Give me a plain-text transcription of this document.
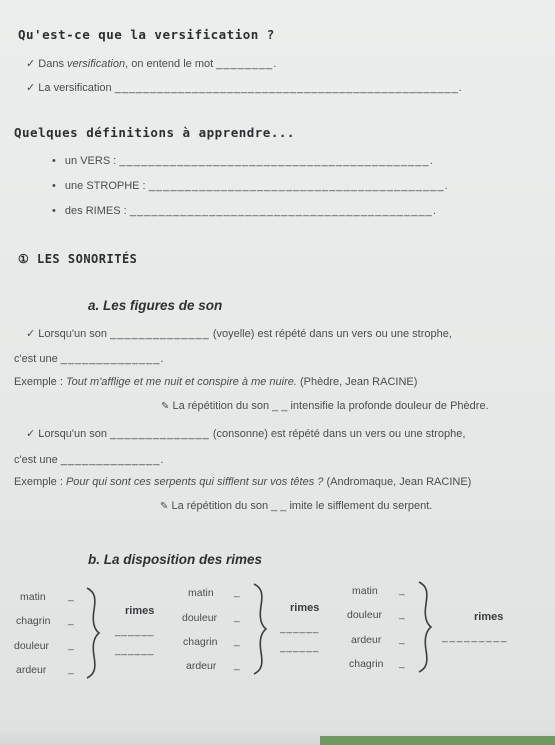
Qu'est-ce que la versification ?
✓ Dans versification, on entend le mot ________.
✓ La versification _________________________________________________.
Quelques définitions à apprendre...
• un VERS : ___________________________________________.
• une STROPHE : _________________________________________.
• des RIMES : __________________________________________.
① LES SONORITÉS
a. Les figures de son
✓ Lorsqu'un son ______________ (voyelle) est répété dans un vers ou une strophe,
c'est une ______________.
Exemple : Tout m'afflige et me nuit et conspire à me nuire. (Phèdre, Jean RACINE)
✎ La répétition du son _ _ intensifie la profonde douleur de Phèdre.
✓ Lorsqu'un son ______________ (consonne) est répété dans un vers ou une strophe,
c'est une ______________.
Exemple : Pour qui sont ces serpents qui sifflent sur vos têtes ? (Andromaque, Jean RACINE)
✎ La répétition du son _ _ imite le sifflement du serpent.
b. La disposition des rimes
matin
chagrin
douleur
ardeur
_
_
_
_
rimes
______
______
matin
douleur
chagrin
ardeur
_
_
_
_
rimes
______
______
matin
douleur
ardeur
chagrin
_
_
_
_
rimes
_________
